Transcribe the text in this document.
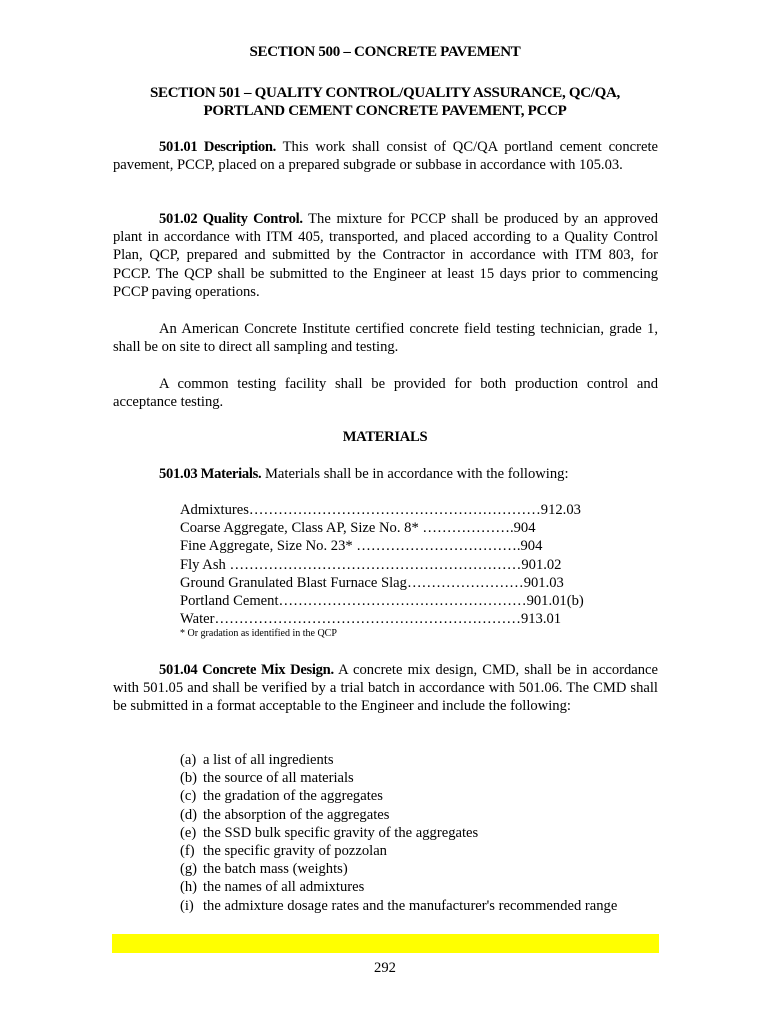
SECTION 500 – CONCRETE PAVEMENT
SECTION 501 – QUALITY CONTROL/QUALITY ASSURANCE, QC/QA,
PORTLAND CEMENT CONCRETE PAVEMENT, PCCP

501.01 Description. This work shall consist of QC/QA portland cement concrete pavement, PCCP, placed on a prepared subgrade or subbase in accordance with 105.03.

501.02 Quality Control. The mixture for PCCP shall be produced by an approved plant in accordance with ITM 405, transported, and placed according to a Quality Control Plan, QCP, prepared and submitted by the Contractor in accordance with ITM 803, for PCCP. The QCP shall be submitted to the Engineer at least 15 days prior to commencing PCCP paving operations.

An American Concrete Institute certified concrete field testing technician, grade 1, shall be on site to direct all sampling and testing.

A common testing facility shall be provided for both production control and acceptance testing.

MATERIALS

501.03 Materials. Materials shall be in accordance with the following:

Admixtures……………………………………………………912.03
Coarse Aggregate, Class AP, Size No. 8* ……………….904
Fine Aggregate, Size No. 23* …………………………….904
Fly Ash ……………………………………………………901.02
Ground Granulated Blast Furnace Slag……………………901.03
Portland Cement……………………………………………901.01(b)
Water………………………………………………………913.01
* Or gradation as identified in the QCP

501.04 Concrete Mix Design. A concrete mix design, CMD, shall be in accordance with 501.05 and shall be verified by a trial batch in accordance with 501.06. The CMD shall be submitted in a format acceptable to the Engineer and include the following:

(a) a list of all ingredients
(b) the source of all materials
(c) the gradation of the aggregates
(d) the absorption of the aggregates
(e) the SSD bulk specific gravity of the aggregates
(f) the specific gravity of pozzolan
(g) the batch mass (weights)
(h) the names of all admixtures
(i) the admixture dosage rates and the manufacturer's recommended range
292
